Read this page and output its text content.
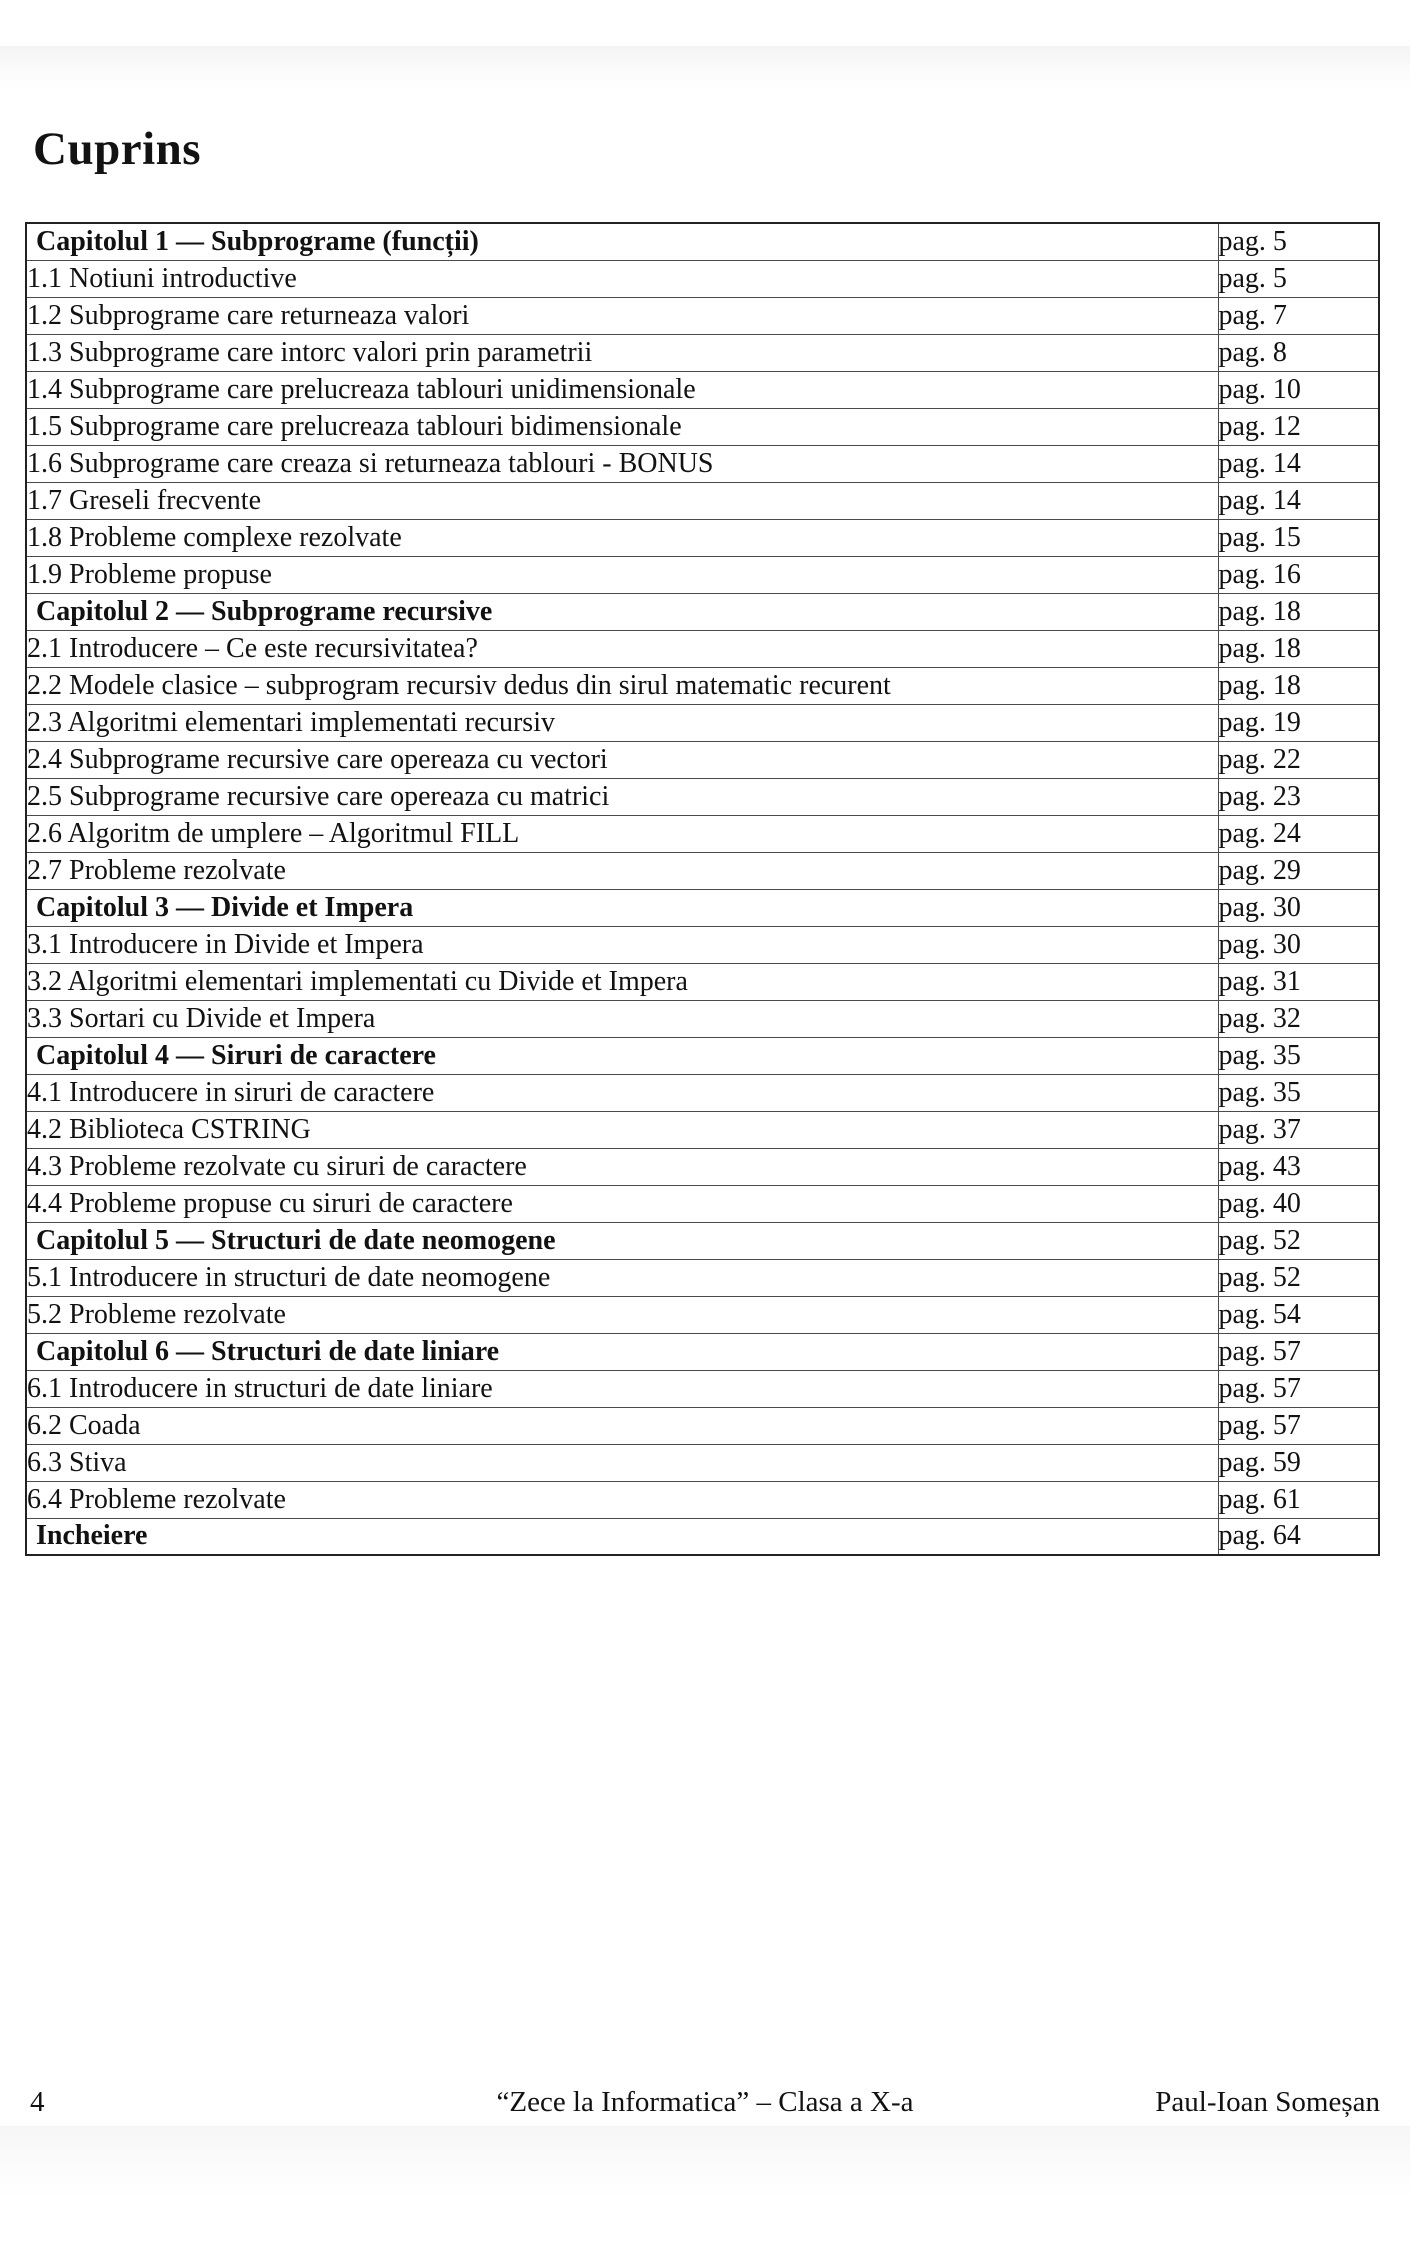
Cuprins
Capitolul 1 — Subprograme (funcții)	pag. 5
1.1 Notiuni introductive	pag. 5
1.2 Subprograme care returneaza valori	pag. 7
1.3 Subprograme care intorc valori prin parametrii	pag. 8
1.4 Subprograme care prelucreaza tablouri unidimensionale	pag. 10
1.5 Subprograme care prelucreaza tablouri bidimensionale	pag. 12
1.6 Subprograme care creaza si returneaza tablouri - BONUS	pag. 14
1.7 Greseli frecvente	pag. 14
1.8 Probleme complexe rezolvate	pag. 15
1.9 Probleme propuse	pag. 16
Capitolul 2 — Subprograme recursive	pag. 18
2.1 Introducere – Ce este recursivitatea?	pag. 18
2.2 Modele clasice – subprogram recursiv dedus din sirul matematic recurent	pag. 18
2.3 Algoritmi elementari implementati recursiv	pag. 19
2.4 Subprograme recursive care opereaza cu vectori	pag. 22
2.5 Subprograme recursive care opereaza cu matrici	pag. 23
2.6 Algoritm de umplere – Algoritmul FILL	pag. 24
2.7 Probleme rezolvate	pag. 29
Capitolul 3 — Divide et Impera	pag. 30
3.1 Introducere in Divide et Impera	pag. 30
3.2 Algoritmi elementari implementati cu Divide et Impera	pag. 31
3.3 Sortari cu Divide et Impera	pag. 32
Capitolul 4 — Siruri de caractere	pag. 35
4.1 Introducere in siruri de caractere	pag. 35
4.2 Biblioteca CSTRING	pag. 37
4.3 Probleme rezolvate cu siruri de caractere	pag. 43
4.4 Probleme propuse cu siruri de caractere	pag. 40
Capitolul 5 — Structuri de date neomogene	pag. 52
5.1 Introducere in structuri de date neomogene	pag. 52
5.2 Probleme rezolvate	pag. 54
Capitolul 6 — Structuri de date liniare	pag. 57
6.1 Introducere in structuri de date liniare	pag. 57
6.2 Coada	pag. 57
6.3 Stiva	pag. 59
6.4 Probleme rezolvate	pag. 61
Incheiere	pag. 64
4	“Zece la Informatica” – Clasa a X-a	Paul-Ioan Someșan
